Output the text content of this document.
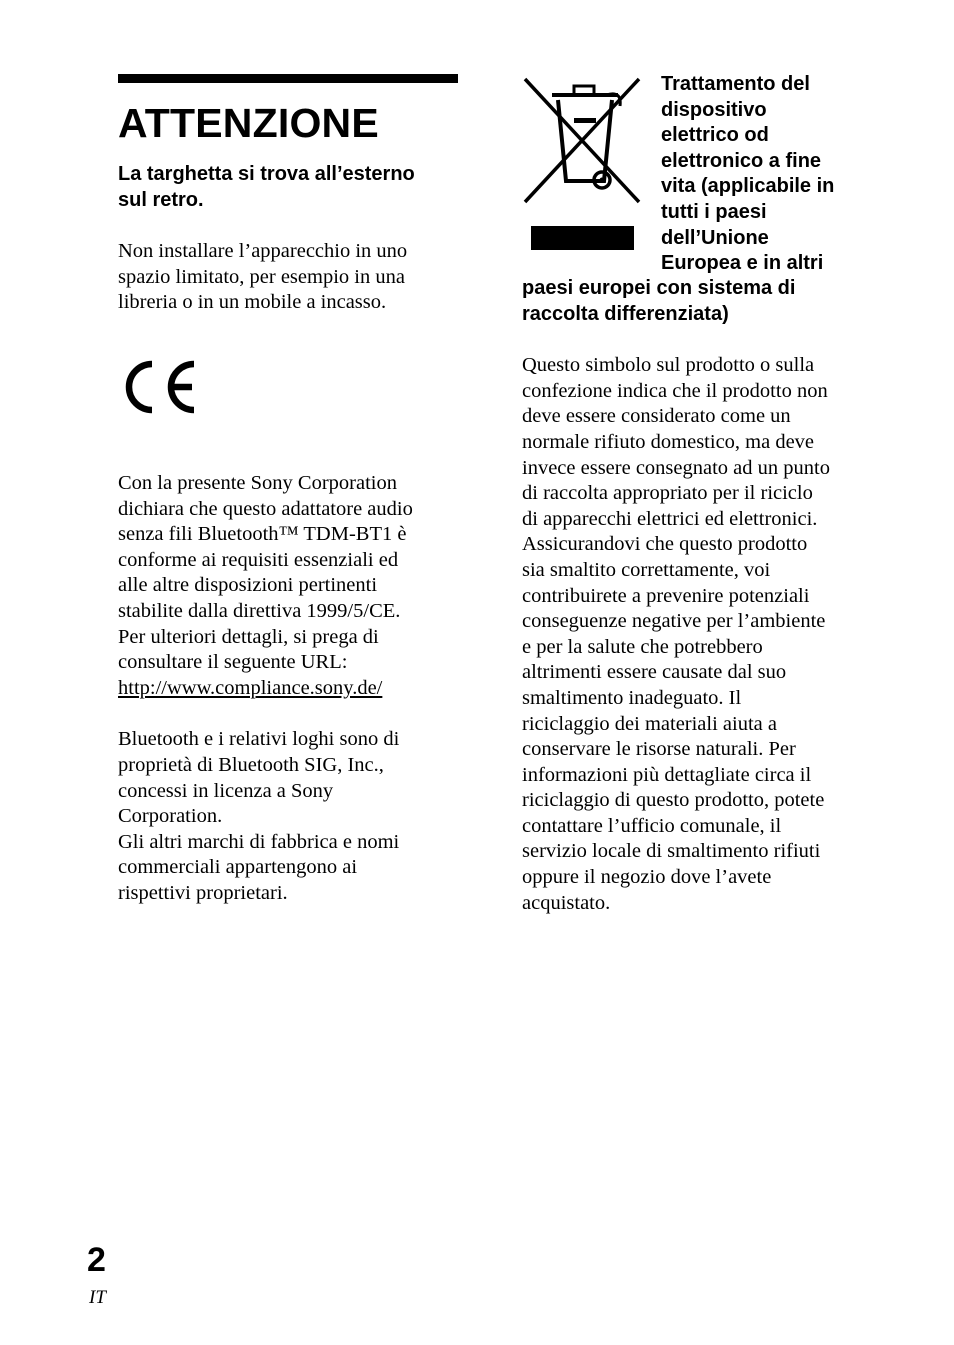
ATTENZIONE

La targhetta si trova all’esterno
sul retro.

Non installare l’apparecchio in uno
spazio limitato, per esempio in una
libreria o in un mobile a incasso.

Con la presente Sony Corporation
dichiara che questo adattatore audio
senza fili Bluetooth™ TDM-BT1 è
conforme ai requisiti essenziali ed
alle altre disposizioni pertinenti
stabilite dalla direttiva 1999/5/CE.
Per ulteriori dettagli, si prega di
consultare il seguente URL:

http://www.compliance.sony.de/

Bluetooth e i relativi loghi sono di
proprietà di Bluetooth SIG, Inc.,
concessi in licenza a Sony
Corporation.
Gli altri marchi di fabbrica e nomi
commerciali appartengono ai
rispettivi proprietari.

Trattamento del
dispositivo
elettrico od
elettronico a fine
vita (applicabile in
tutti i paesi
dell’Unione
Europea e in altri

paesi europei con sistema di
raccolta differenziata)

Questo simbolo sul prodotto o sulla
confezione indica che il prodotto non
deve essere considerato come un
normale rifiuto domestico, ma deve
invece essere consegnato ad un punto
di raccolta appropriato per il riciclo
di apparecchi elettrici ed elettronici.
Assicurandovi che questo prodotto
sia smaltito correttamente, voi
contribuirete a prevenire potenziali
conseguenze negative per l’ambiente
e per la salute che potrebbero
altrimenti essere causate dal suo
smaltimento inadeguato. Il
riciclaggio dei materiali aiuta a
conservare le risorse naturali. Per
informazioni più dettagliate circa il
riciclaggio di questo prodotto, potete
contattare l’ufficio comunale, il
servizio locale di smaltimento rifiuti
oppure il negozio dove l’avete
acquistato.

2
IT
